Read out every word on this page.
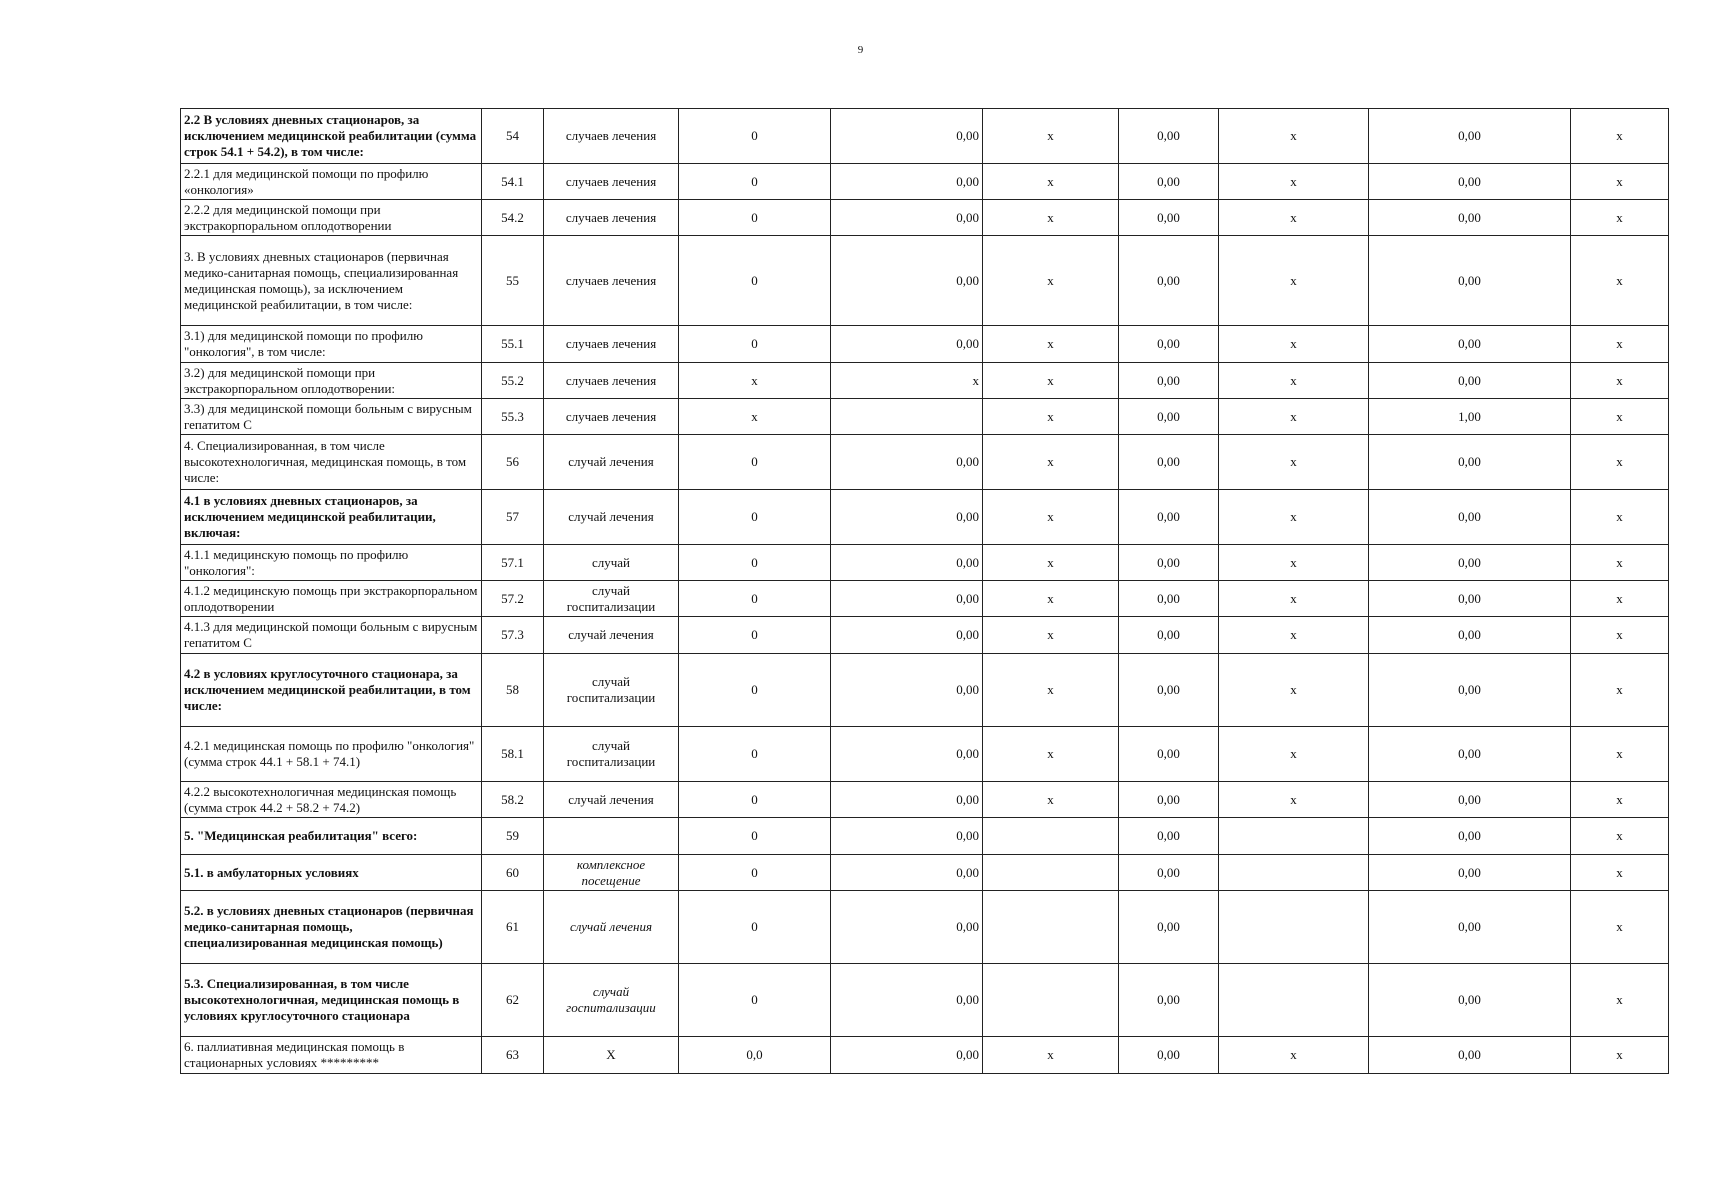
9
2.2 В условиях дневных стационаров, за исключением медицинской реабилитации (сумма строк 54.1 + 54.2), в том числе:	54	случаев лечения	0	0,00	x	0,00	x	0,00	x
2.2.1 для медицинской помощи по профилю «онкология»	54.1	случаев лечения	0	0,00	x	0,00	x	0,00	x
2.2.2 для медицинской помощи при экстракорпоральном оплодотворении	54.2	случаев лечения	0	0,00	x	0,00	x	0,00	x
3. В условиях дневных стационаров (первичная медико-санитарная помощь, специализированная медицинская помощь), за исключением медицинской реабилитации, в том числе:	55	случаев лечения	0	0,00	x	0,00	x	0,00	x
3.1) для медицинской помощи по профилю "онкология", в том числе:	55.1	случаев лечения	0	0,00	x	0,00	x	0,00	x
3.2) для медицинской помощи при экстракорпоральном оплодотворении:	55.2	случаев лечения	x	x	x	0,00	x	0,00	x
3.3) для медицинской помощи больным с вирусным гепатитом С	55.3	случаев лечения	x		x	0,00	x	1,00	x
4. Специализированная, в том числе высокотехнологичная, медицинская помощь, в том числе:	56	случай лечения	0	0,00	x	0,00	x	0,00	x
4.1 в условиях дневных стационаров, за исключением медицинской реабилитации, включая:	57	случай лечения	0	0,00	x	0,00	x	0,00	x
4.1.1 медицинскую помощь по профилю "онкология":	57.1	случай	0	0,00	x	0,00	x	0,00	x
4.1.2 медицинскую помощь при экстракорпоральном оплодотворении	57.2	случай госпитализации	0	0,00	x	0,00	x	0,00	x
4.1.3 для медицинской помощи больным с вирусным гепатитом С	57.3	случай лечения	0	0,00	x	0,00	x	0,00	x
4.2 в условиях круглосуточного стационара, за исключением медицинской реабилитации, в том числе:	58	случай госпитализации	0	0,00	x	0,00	x	0,00	x
4.2.1 медицинская помощь по профилю "онкология" (сумма строк 44.1 + 58.1 + 74.1)	58.1	случай госпитализации	0	0,00	x	0,00	x	0,00	x
4.2.2 высокотехнологичная медицинская помощь (сумма строк 44.2 + 58.2 + 74.2)	58.2	случай лечения	0	0,00	x	0,00	x	0,00	x
5. "Медицинская реабилитация" всего:	59		0	0,00		0,00		0,00	x
5.1. в амбулаторных условиях	60	комплексное посещение	0	0,00		0,00		0,00	x
5.2. в условиях дневных стационаров (первичная медико-санитарная помощь, специализированная медицинская помощь)	61	случай лечения	0	0,00		0,00		0,00	x
5.3. Специализированная, в том числе высокотехнологичная, медицинская помощь в условиях круглосуточного стационара	62	случай госпитализации	0	0,00		0,00		0,00	x
6. паллиативная медицинская помощь в стационарных условиях *********	63	X	0,0	0,00	x	0,00	x	0,00	x
